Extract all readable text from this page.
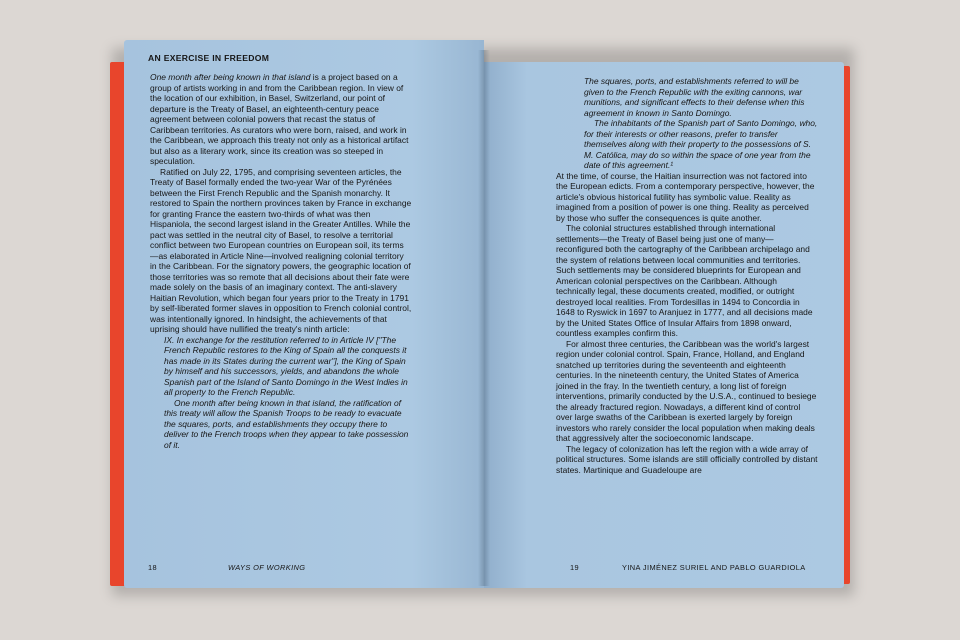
AN EXERCISE IN FREEDOM

One month after being known in that island is a project based on a group of artists working in and from the Caribbean region. In view of the location of our exhibition, in Basel, Switzerland, our point of departure is the Treaty of Basel, an eighteenth-century peace agreement between colonial powers that recast the status of Caribbean territories. As curators who were born, raised, and work in the Caribbean, we approach this treaty not only as a historical artifact but also as a literary work, since its creation was so steeped in speculation.

Ratified on July 22, 1795, and comprising seventeen articles, the Treaty of Basel formally ended the two-year War of the Pyrénées between the First French Republic and the Spanish monarchy. It restored to Spain the northern provinces taken by France in exchange for granting France the eastern two-thirds of what was then Hispaniola, the second largest island in the Greater Antilles. While the pact was settled in the neutral city of Basel, to resolve a territorial conflict between two European countries on European soil, its terms—as elaborated in Article Nine—involved realigning colonial territory in the Caribbean. For the signatory powers, the geographic location of those territories was so remote that all decisions about their fate were made solely on the basis of an imaginary context. The anti-slavery Haitian Revolution, which began four years prior to the Treaty in 1791 by self-liberated former slaves in opposition to French colonial control, was intentionally ignored. In hindsight, the achievements of that uprising should have nullified the treaty's ninth article:

IX. In exchange for the restitution referred to in Article IV ["The French Republic restores to the King of Spain all the conquests it has made in its States during the current war"], the King of Spain by himself and his successors, yields, and abandons the whole Spanish part of the Island of Santo Domingo in the West Indies in all property to the French Republic.

One month after being known in that island, the ratification of this treaty will allow the Spanish Troops to be ready to evacuate the squares, ports, and establishments they occupy there to deliver to the French troops when they appear to take possession of it.

18	WAYS OF WORKING

The squares, ports, and establishments referred to will be given to the French Republic with the exiting cannons, war munitions, and significant effects to their defense when this agreement in known in Santo Domingo.

The inhabitants of the Spanish part of Santo Domingo, who, for their interests or other reasons, prefer to transfer themselves along with their property to the possessions of S. M. Católica, may do so within the space of one year from the date of this agreement.¹

At the time, of course, the Haitian insurrection was not factored into the European edicts. From a contemporary perspective, however, the article's obvious historical futility has symbolic value. Reality as imagined from a position of power is one thing. Reality as perceived by those who suffer the consequences is quite another.

The colonial structures established through international settlements—the Treaty of Basel being just one of many—reconfigured both the cartography of the Caribbean archipelago and the system of relations between local communities and territories. Such settlements may be considered blueprints for European and American colonial perspectives on the Caribbean. Although technically legal, these documents created, modified, or outright destroyed local realities. From Tordesillas in 1494 to Concordia in 1648 to Ryswick in 1697 to Aranjuez in 1777, and all decisions made by the United States Office of Insular Affairs from 1898 onward, countless examples confirm this.

For almost three centuries, the Caribbean was the world's largest region under colonial control. Spain, France, Holland, and England snatched up territories during the seventeenth and eighteenth centuries. In the nineteenth century, the United States of America joined in the fray. In the twentieth century, a long list of foreign interventions, primarily conducted by the U.S.A., continued to besiege the already fractured region. Nowadays, a different kind of control over large swaths of the Caribbean is exerted largely by foreign investors who rarely consider the local population when making deals that aggressively alter the socioeconomic landscape.

The legacy of colonization has left the region with a wide array of political structures. Some islands are still officially controlled by distant states. Martinique and Guadeloupe are

19	YINA JIMÉNEZ SURIEL AND PABLO GUARDIOLA
